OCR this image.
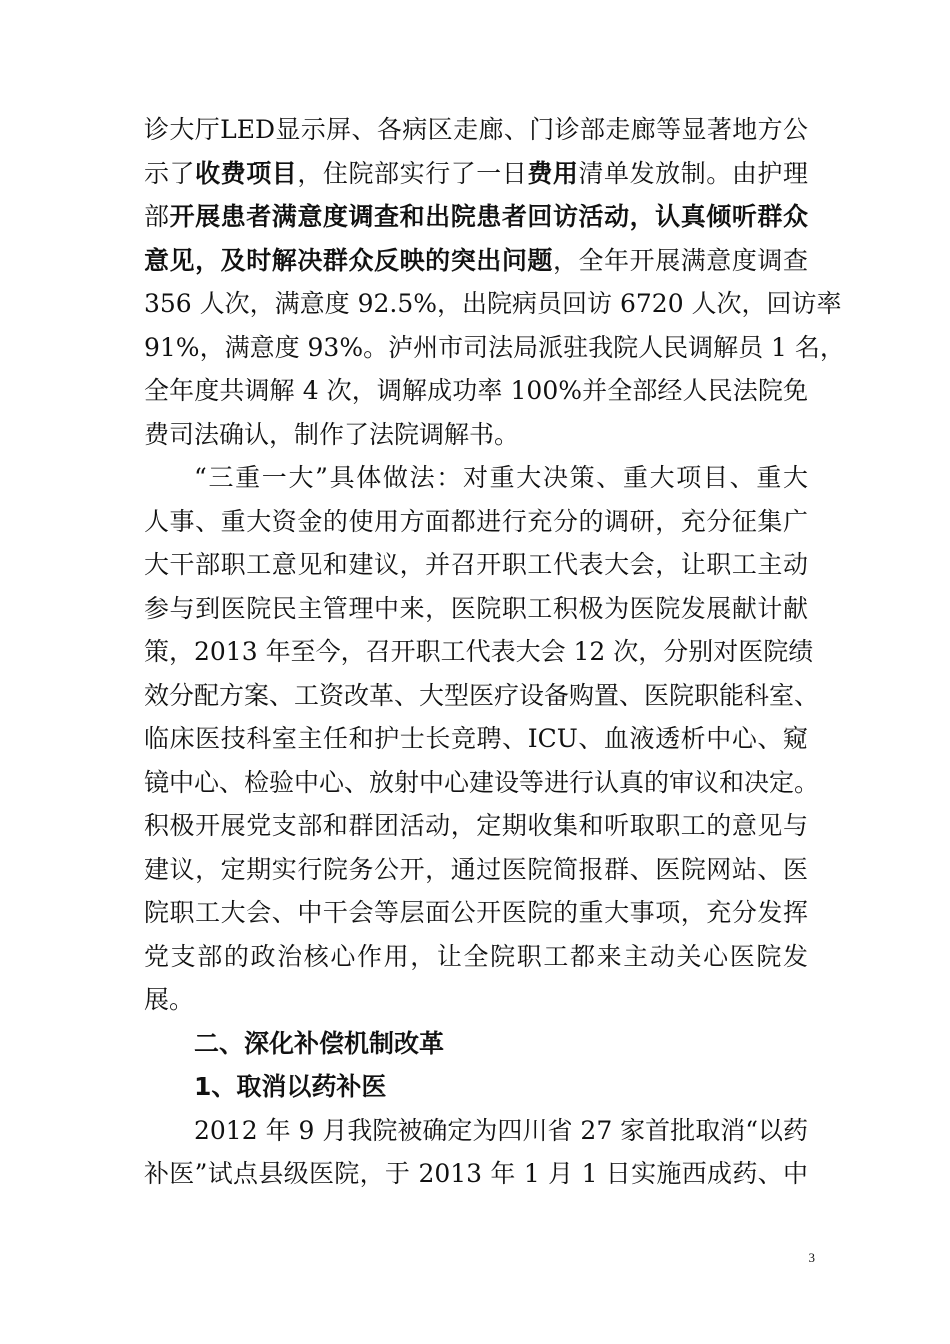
诊大厅LED显示屏、各病区走廊、门诊部走廊等显著地方公
示了收费项目，住院部实行了一日费用清单发放制。由护理
部开展患者满意度调查和出院患者回访活动，认真倾听群众
意见，及时解决群众反映的突出问题，全年开展满意度调查
356 人次，满意度 92.5%，出院病员回访 6720 人次，回访率
91%，满意度 93%。泸州市司法局派驻我院人民调解员 1 名，
全年度共调解 4 次，调解成功率 100%并全部经人民法院免
费司法确认，制作了法院调解书。
“三重一大”具体做法：对重大决策、重大项目、重大
人事、重大资金的使用方面都进行充分的调研，充分征集广
大干部职工意见和建议，并召开职工代表大会，让职工主动
参与到医院民主管理中来，医院职工积极为医院发展献计献
策，2013 年至今，召开职工代表大会 12 次，分别对医院绩
效分配方案、工资改革、大型医疗设备购置、医院职能科室、
临床医技科室主任和护士长竞聘、ICU、血液透析中心、窥
镜中心、检验中心、放射中心建设等进行认真的审议和决定。
积极开展党支部和群团活动，定期收集和听取职工的意见与
建议，定期实行院务公开，通过医院简报群、医院网站、医
院职工大会、中干会等层面公开医院的重大事项，充分发挥
党支部的政治核心作用，让全院职工都来主动关心医院发
展。
二、深化补偿机制改革
1、取消以药补医
2012 年 9 月我院被确定为四川省 27 家首批取消“以药
补医”试点县级医院，于 2013 年 1 月 1 日实施西成药、中
3
